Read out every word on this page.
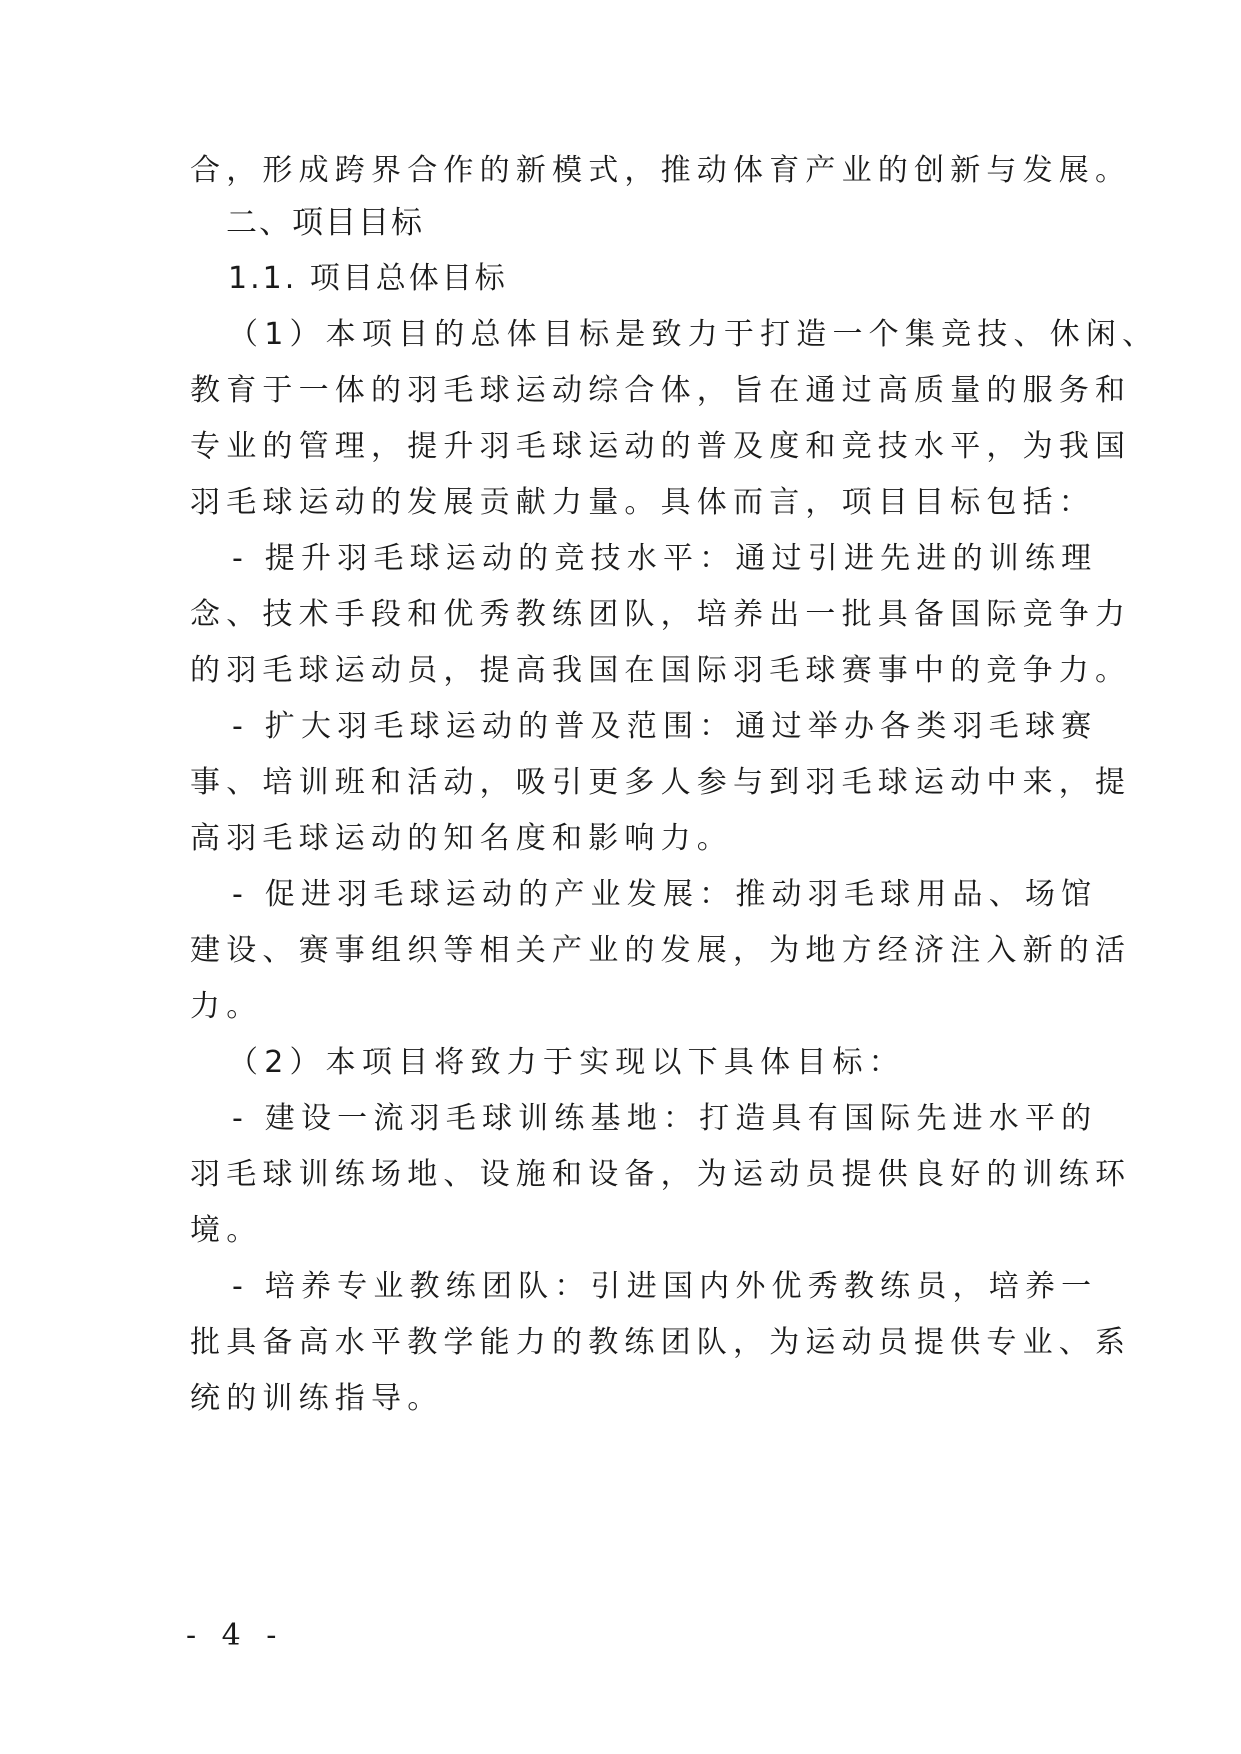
合，形成跨界合作的新模式，推动体育产业的创新与发展。
二、项目目标
1.1. 项目总体目标
（1）本项目的总体目标是致力于打造一个集竞技、休闲、
教育于一体的羽毛球运动综合体，旨在通过高质量的服务和
专业的管理，提升羽毛球运动的普及度和竞技水平，为我国
羽毛球运动的发展贡献力量。具体而言，项目目标包括：
- 提升羽毛球运动的竞技水平：通过引进先进的训练理
念、技术手段和优秀教练团队，培养出一批具备国际竞争力
的羽毛球运动员，提高我国在国际羽毛球赛事中的竞争力。
- 扩大羽毛球运动的普及范围：通过举办各类羽毛球赛
事、培训班和活动，吸引更多人参与到羽毛球运动中来，提
高羽毛球运动的知名度和影响力。
- 促进羽毛球运动的产业发展：推动羽毛球用品、场馆
建设、赛事组织等相关产业的发展，为地方经济注入新的活
力。
（2）本项目将致力于实现以下具体目标：
- 建设一流羽毛球训练基地：打造具有国际先进水平的
羽毛球训练场地、设施和设备，为运动员提供良好的训练环
境。
- 培养专业教练团队：引进国内外优秀教练员，培养一
批具备高水平教学能力的教练团队，为运动员提供专业、系
统的训练指导。
- 4 -
